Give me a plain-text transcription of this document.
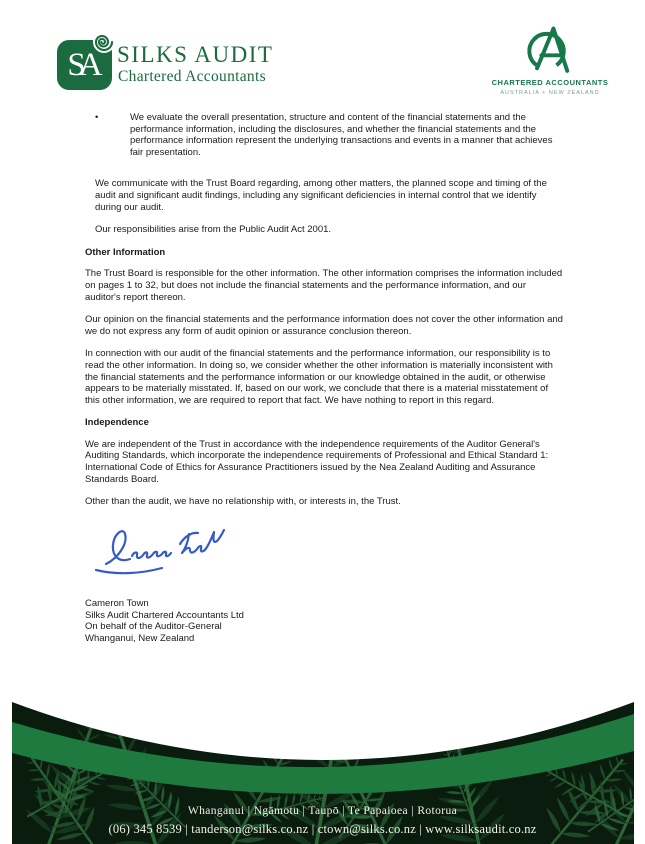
SA SILKS AUDIT
Chartered Accountants	CHARTERED ACCOUNTANTS
AUSTRALIA + NEW ZEALAND
•	We evaluate the overall presentation, structure and content of the financial statements and the performance information, including the disclosures, and whether the financial statements and the performance information represent the underlying transactions and events in a manner that achieves fair presentation.

We communicate with the Trust Board regarding, among other matters, the planned scope and timing of the audit and significant audit findings, including any significant deficiencies in internal control that we identify during our audit.

Our responsibilities arise from the Public Audit Act 2001.

Other Information

The Trust Board is responsible for the other information. The other information comprises the information included on pages 1 to 32, but does not include the financial statements and the performance information, and our auditor's report thereon.

Our opinion on the financial statements and the performance information does not cover the other information and we do not express any form of audit opinion or assurance conclusion thereon.

In connection with our audit of the financial statements and the performance information, our responsibility is to read the other information. In doing so, we consider whether the other information is materially inconsistent with the financial statements and the performance information or our knowledge obtained in the audit, or otherwise appears to be materially misstated. If, based on our work, we conclude that there is a material misstatement of this other information, we are required to report that fact. We have nothing to report in this regard.

Independence

We are independent of the Trust in accordance with the independence requirements of the Auditor General's Auditing Standards, which incorporate the independence requirements of Professional and Ethical Standard 1: International Code of Ethics for Assurance Practitioners issued by the Nea Zealand Auditing and Assurance Standards Board.

Other than the audit, we have no relationship with, or interests in, the Trust.

Cameron Town
Silks Audit Chartered Accountants Ltd
On behalf of the Auditor-General
Whanganui, New Zealand
Whanganui | Ngāmotu | Taupō | Te Papaioea | Rotorua
(06) 345 8539 | tanderson@silks.co.nz | ctown@silks.co.nz | www.silksaudit.co.nz
